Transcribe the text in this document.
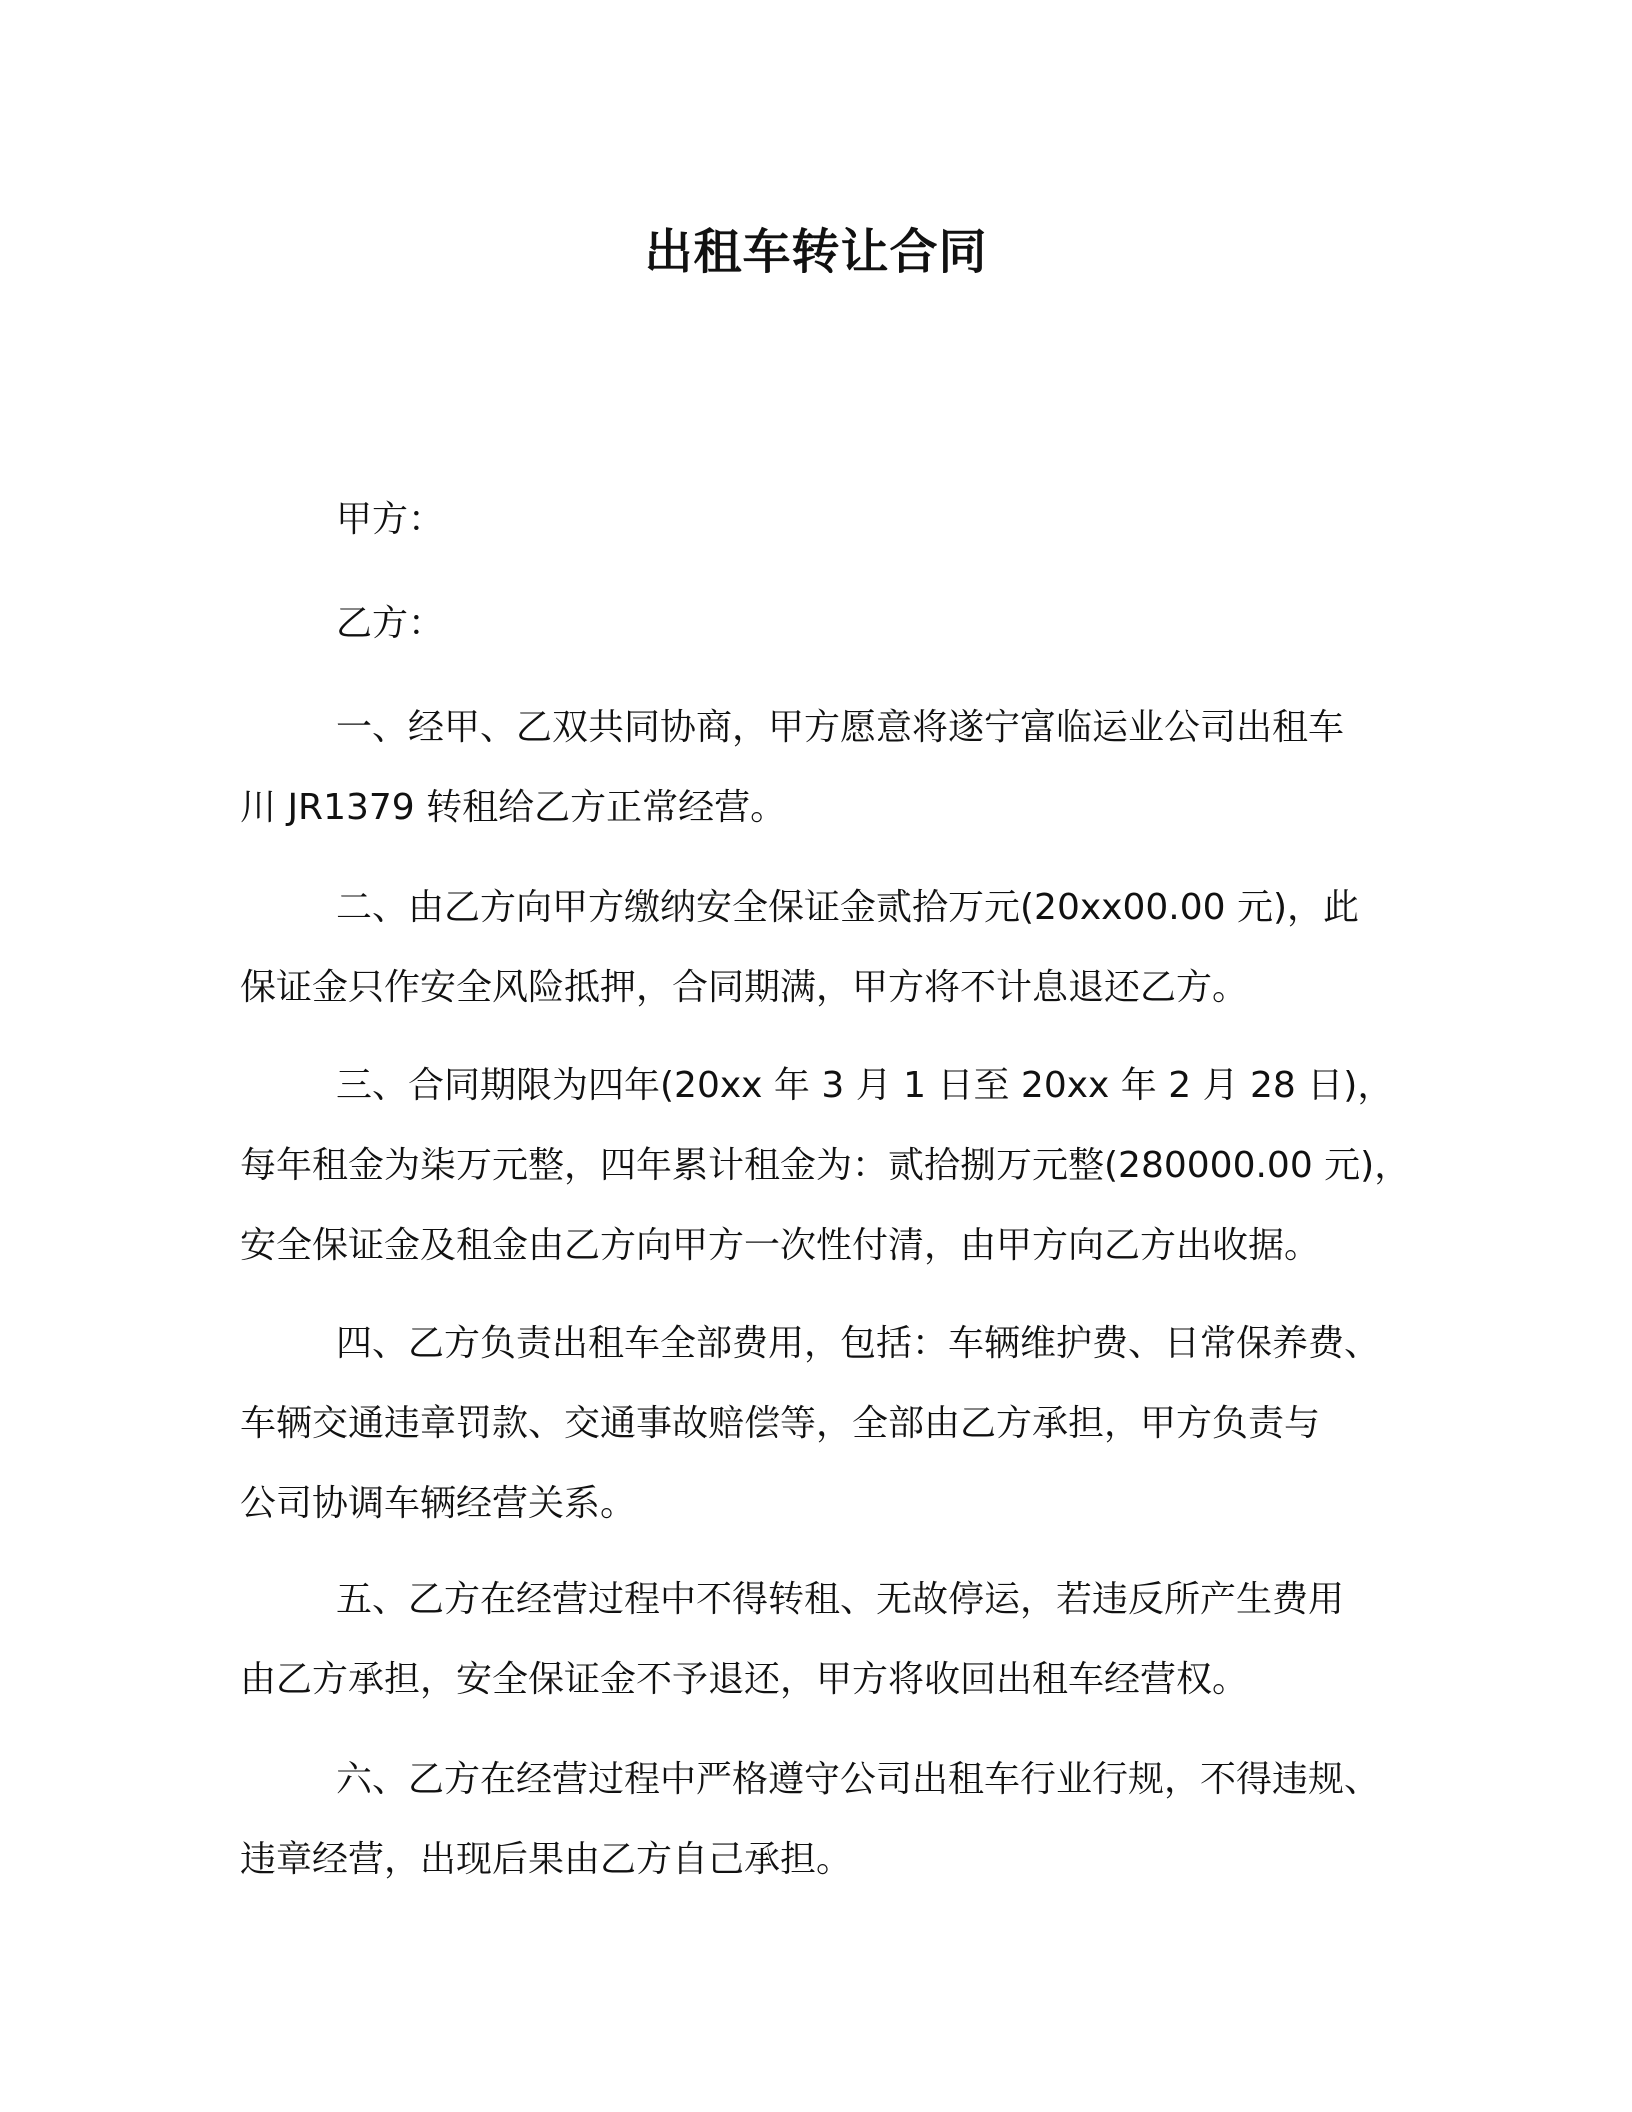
出租车转让合同
甲方：
乙方：
一、经甲、乙双共同协商，甲方愿意将遂宁富临运业公司出租车
川 JR1379 转租给乙方正常经营。
二、由乙方向甲方缴纳安全保证金贰拾万元(20xx00.00 元)，此
保证金只作安全风险抵押，合同期满，甲方将不计息退还乙方。
三、合同期限为四年(20xx 年 3 月 1 日至 20xx 年 2 月 28 日)，
每年租金为柒万元整，四年累计租金为：贰拾捌万元整(280000.00 元)，
安全保证金及租金由乙方向甲方一次性付清，由甲方向乙方出收据。
四、乙方负责出租车全部费用，包括：车辆维护费、日常保养费、
车辆交通违章罚款、交通事故赔偿等，全部由乙方承担，甲方负责与
公司协调车辆经营关系。
五、乙方在经营过程中不得转租、无故停运，若违反所产生费用
由乙方承担，安全保证金不予退还，甲方将收回出租车经营权。
六、乙方在经营过程中严格遵守公司出租车行业行规，不得违规、
违章经营，出现后果由乙方自己承担。
